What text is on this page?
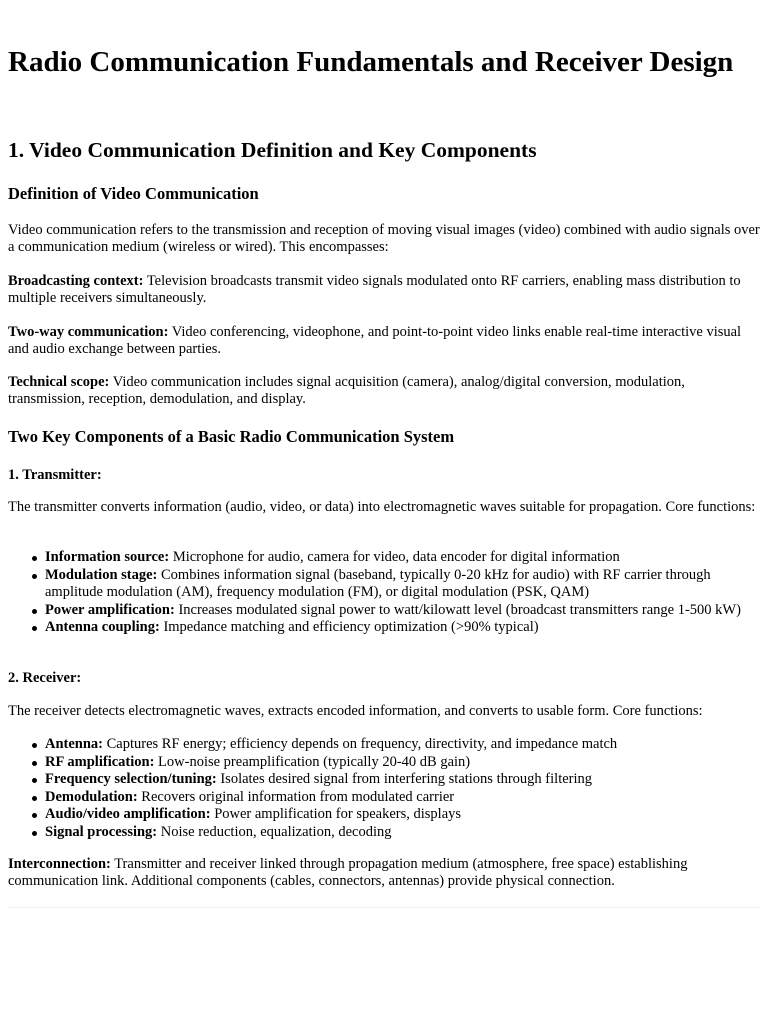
Radio Communication Fundamentals and Receiver Design
1. Video Communication Definition and Key Components
Definition of Video Communication

Video communication refers to the transmission and reception of moving visual images (video) combined with audio signals over a communication medium (wireless or wired). This encompasses:

Broadcasting context: Television broadcasts transmit video signals modulated onto RF carriers, enabling mass distribution to multiple receivers simultaneously.

Two-way communication: Video conferencing, videophone, and point-to-point video links enable real-time interactive visual and audio exchange between parties.

Technical scope: Video communication includes signal acquisition (camera), analog/digital conversion, modulation, transmission, reception, demodulation, and display.

Two Key Components of a Basic Radio Communication System
1. Transmitter:

The transmitter converts information (audio, video, or data) into electromagnetic waves suitable for propagation. Core functions:

Information source: Microphone for audio, camera for video, data encoder for digital information
Modulation stage: Combines information signal (baseband, typically 0-20 kHz for audio) with RF carrier through amplitude modulation (AM), frequency modulation (FM), or digital modulation (PSK, QAM)
Power amplification: Increases modulated signal power to watt/kilowatt level (broadcast transmitters range 1-500 kW)
Antenna coupling: Impedance matching and efficiency optimization (>90% typical)
2. Receiver:

The receiver detects electromagnetic waves, extracts encoded information, and converts to usable form. Core functions:

Antenna: Captures RF energy; efficiency depends on frequency, directivity, and impedance match
RF amplification: Low-noise preamplification (typically 20-40 dB gain)
Frequency selection/tuning: Isolates desired signal from interfering stations through filtering
Demodulation: Recovers original information from modulated carrier
Audio/video amplification: Power amplification for speakers, displays
Signal processing: Noise reduction, equalization, decoding

Interconnection: Transmitter and receiver linked through propagation medium (atmosphere, free space) establishing communication link. Additional components (cables, connectors, antennas) provide physical connection.
